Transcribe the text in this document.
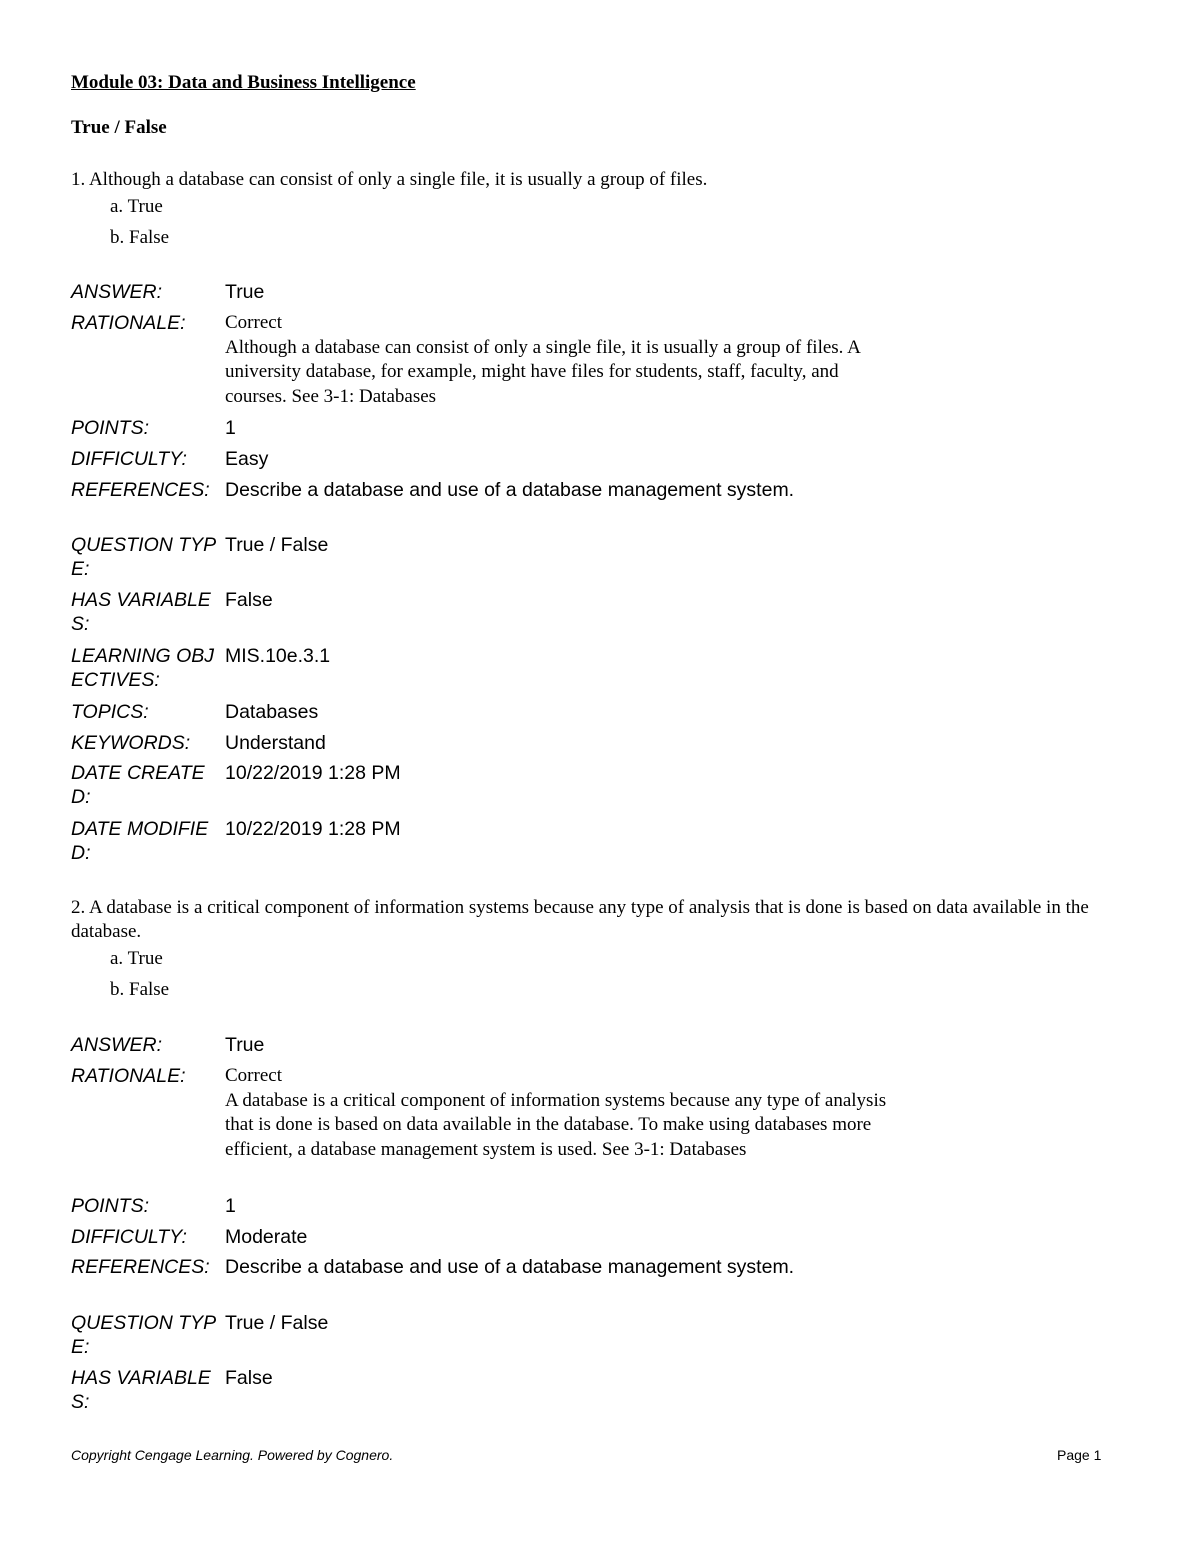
Module 03: Data and Business Intelligence
True / False
1. Although a database can consist of only a single file, it is usually a group of files.
a. True
b. False
ANSWER:	True
RATIONALE:	Correct
Although a database can consist of only a single file, it is usually a group of files. A university database, for example, might have files for students, staff, faculty, and courses. See 3-1: Databases
POINTS:	1
DIFFICULTY:	Easy
REFERENCES: Describe a database and use of a database management system.
QUESTION TYPE:
True / False
HAS VARIABLES:
False
LEARNING OBJECTIVES:
MIS.10e.3.1
TOPICS:	Databases
KEYWORDS:	Understand
DATE CREATED:
10/22/2019 1:28 PM
DATE MODIFIED:
10/22/2019 1:28 PM
2. A database is a critical component of information systems because any type of analysis that is done is based on data available in the database.
a. True
b. False
ANSWER:	True
RATIONALE:	Correct
A database is a critical component of information systems because any type of analysis that is done is based on data available in the database. To make using databases more efficient, a database management system is used. See 3-1: Databases
POINTS:	1
DIFFICULTY:	Moderate
REFERENCES: Describe a database and use of a database management system.
QUESTION TYPE:
True / False
HAS VARIABLES:
False
Copyright Cengage Learning. Powered by Cognero.	Page 1
